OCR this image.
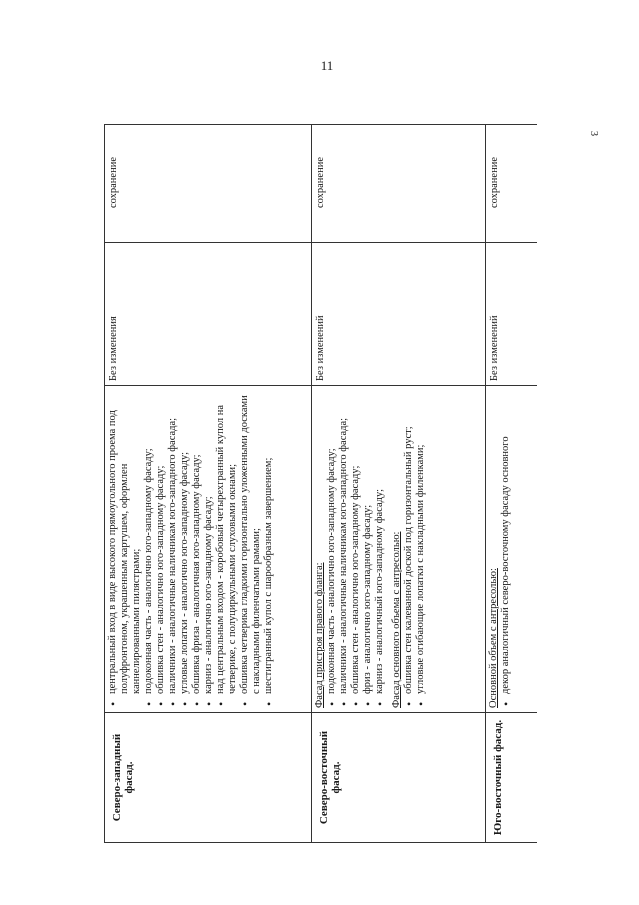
11
3
Северо-западный фасад.
• центральный вход в виде высокого прямоугольного проема под полуфронтоном, украшенным картушем, оформлен каннелированными пилястрами; • подоконная часть - аналогично юго-западному фасаду; • обшивка стен - аналогично юго-западному фасаду; • наличники - аналогичные наличникам юго-западного фасада; • угловые лопатки - аналогично юго-западному фасаду; • обшивка фриза - аналогичная юго-западному фасаду; • карниз - аналогично юго-западному фасаду; • над центральным входом - коробовый четырехгранный купол на четверике, с полуциркульными слуховыми окнами; • обшивка четверика гладкими горизонтально уложенными досками с накладными филенчатыми рамами; • шестигранный купол с шарообразным завершением;
Без изменения
сохранение
Северо-восточный фасад.
Фасад пристроя правого фланга: • подоконная часть - аналогично юго-западному фасаду; • наличники - аналогичные наличникам юго-западного фасада; • обшивка стен - аналогично юго-западному фасаду; • фриз - аналогично юго-западному фасаду; • карниз - аналогичный юго-западному фасаду; Фасад основного объема с антресолью: • обшивка стен калеванной доской под горизонтальный руст; • угловые огибающие лопатки с накладными филенками;
Без изменений
сохранение
Юго-восточный фасад.
Основной объем с антресолью: • декор аналогичный северо-восточному фасаду основного
Без изменений
сохранение
